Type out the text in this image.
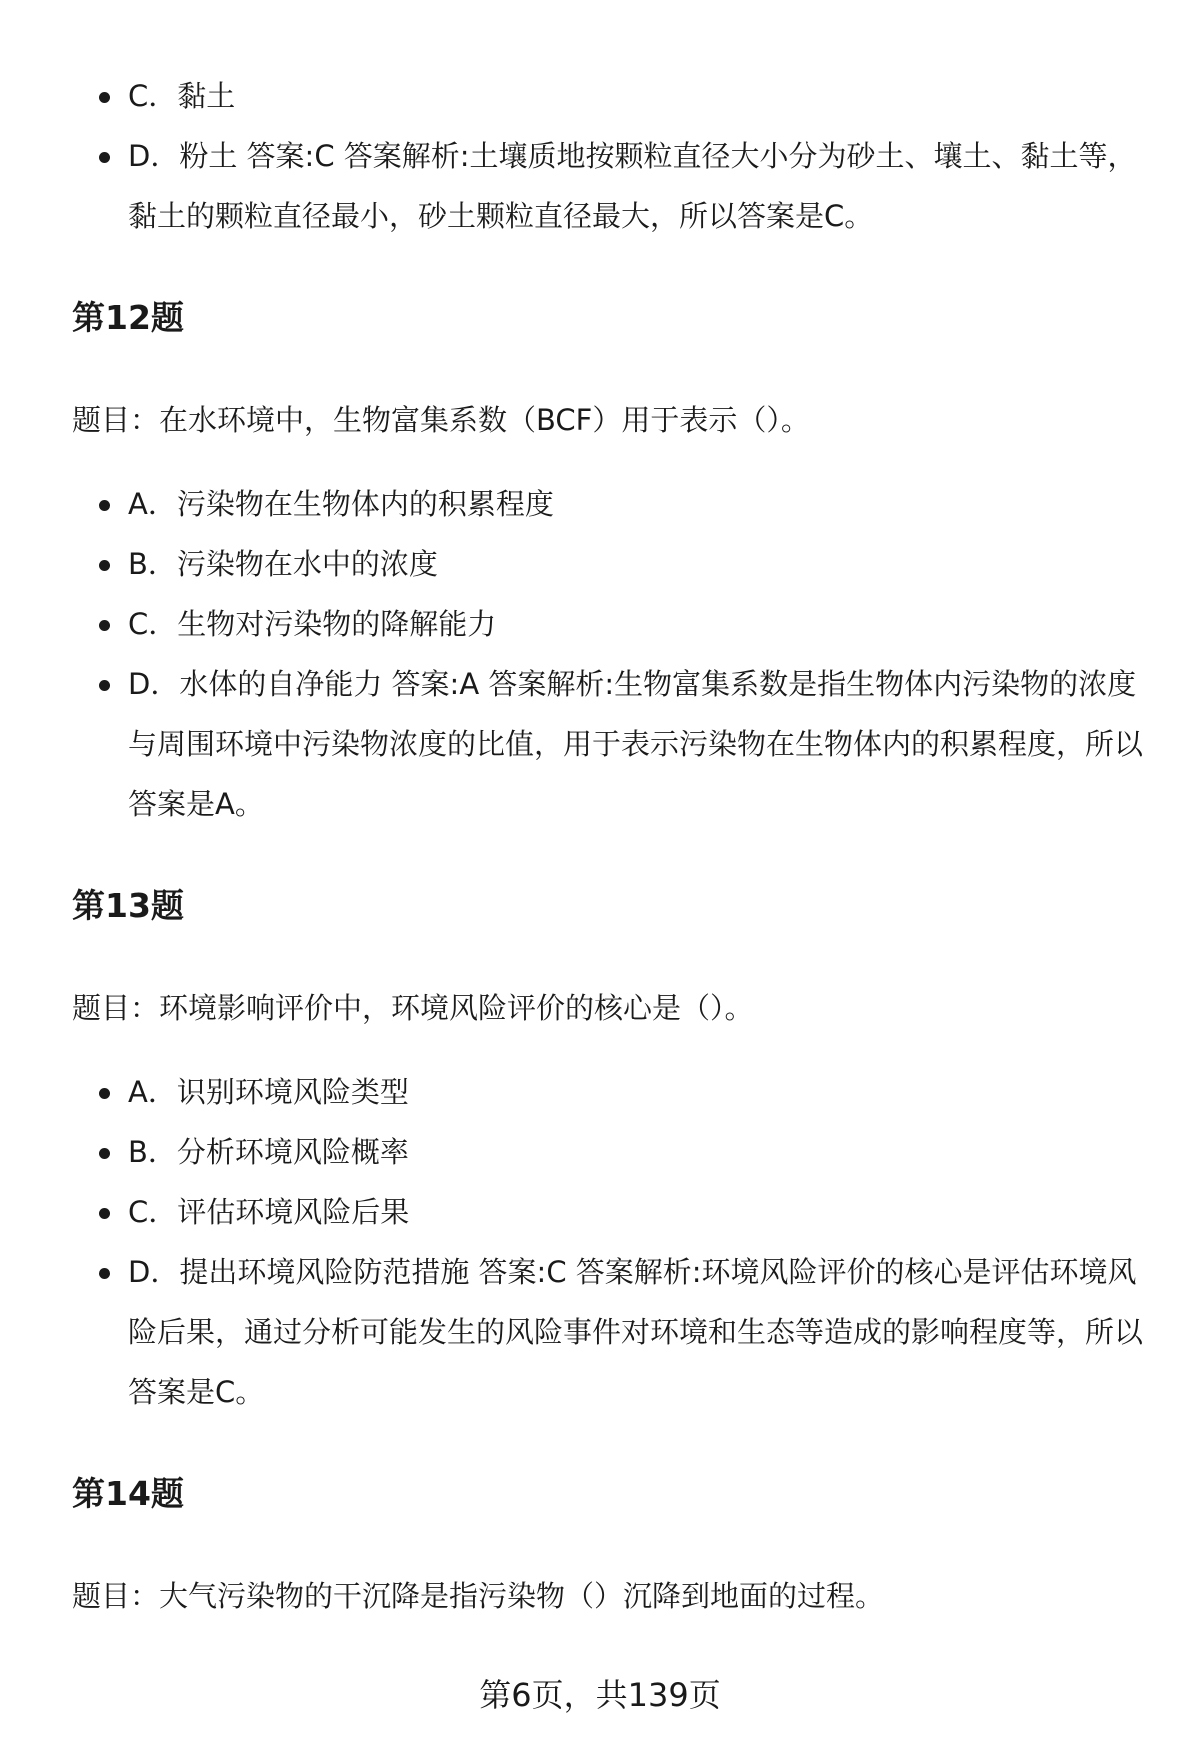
C．黏土
D．粉土 答案:C 答案解析:土壤质地按颗粒直径大小分为砂土、壤土、黏土等，黏土的颗粒直径最小，砂土颗粒直径最大，所以答案是C。
第12题
题目：在水环境中，生物富集系数（BCF）用于表示（）。
A．污染物在生物体内的积累程度
B．污染物在水中的浓度
C．生物对污染物的降解能力
D．水体的自净能力 答案:A 答案解析:生物富集系数是指生物体内污染物的浓度与周围环境中污染物浓度的比值，用于表示污染物在生物体内的积累程度，所以答案是A。
第13题
题目：环境影响评价中，环境风险评价的核心是（）。
A．识别环境风险类型
B．分析环境风险概率
C．评估环境风险后果
D．提出环境风险防范措施 答案:C 答案解析:环境风险评价的核心是评估环境风险后果，通过分析可能发生的风险事件对环境和生态等造成的影响程度等，所以答案是C。
第14题
题目：大气污染物的干沉降是指污染物（）沉降到地面的过程。
第6页，共139页
